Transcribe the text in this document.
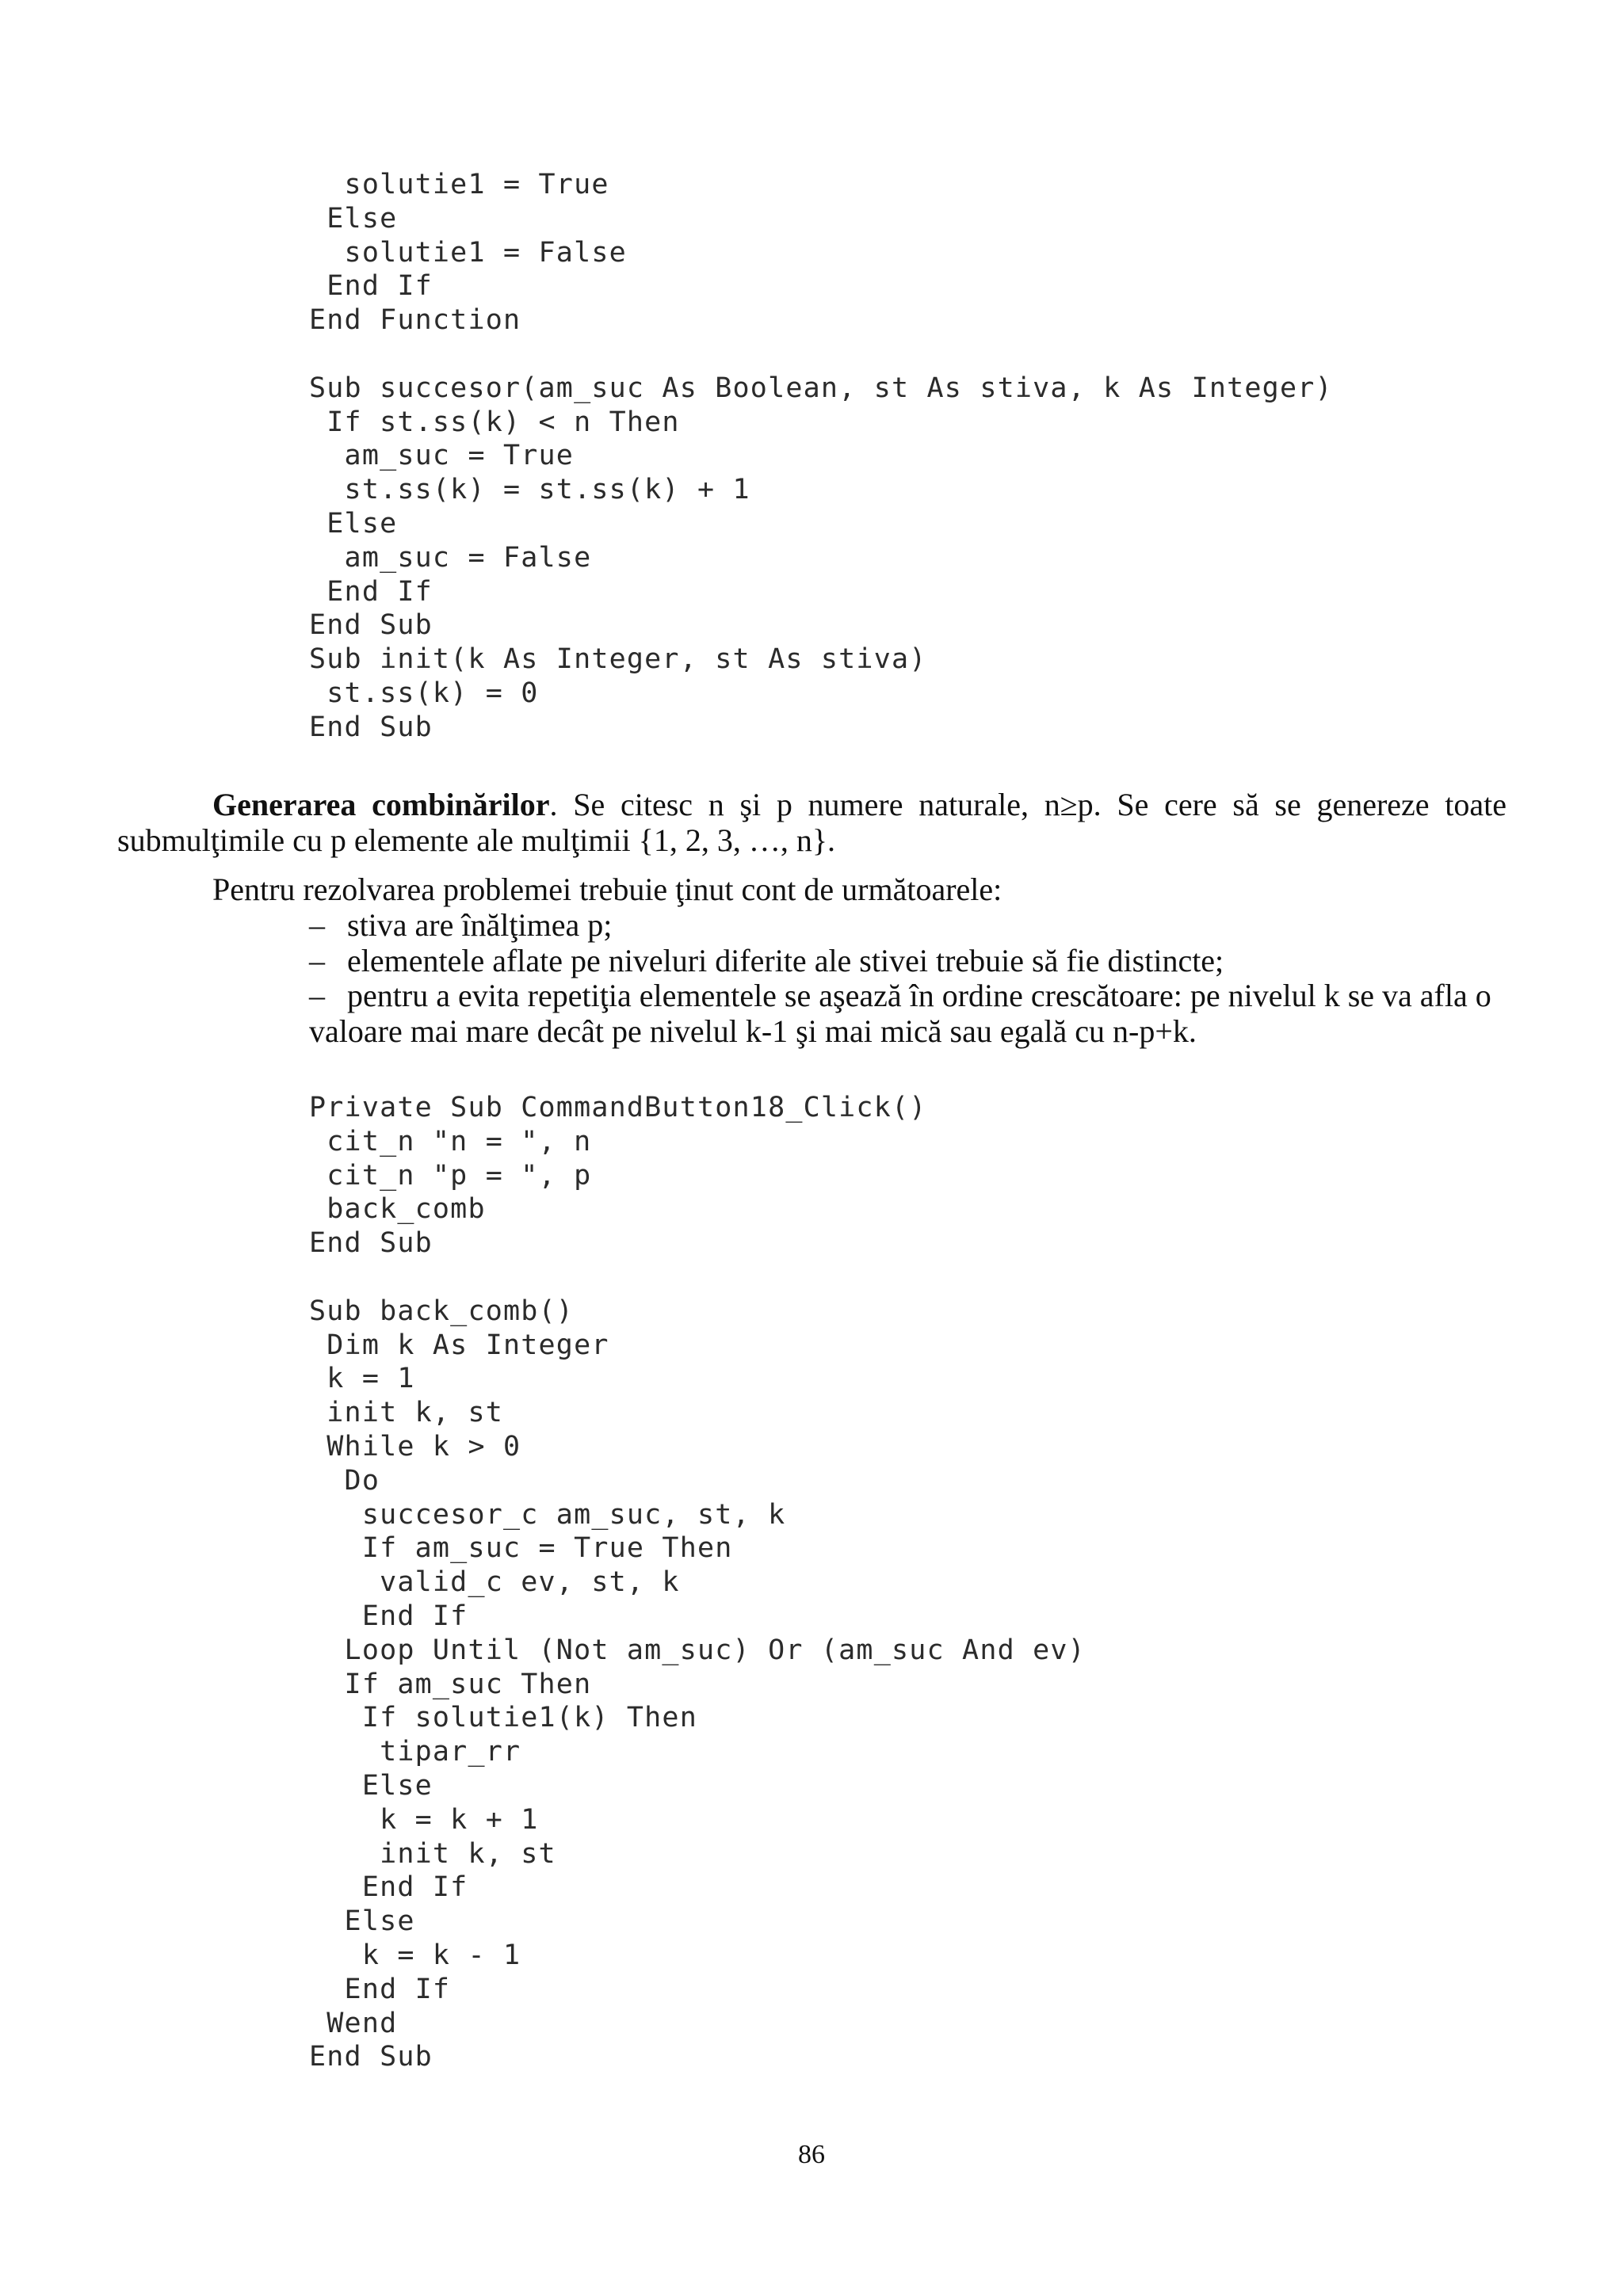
solutie1 = True
Else
solutie1 = False
End If
End Function
Sub succesor(am_suc As Boolean, st As stiva, k As Integer)
If st.ss(k) < n Then
am_suc = True
st.ss(k) = st.ss(k) + 1
Else
am_suc = False
End If
End Sub
Sub init(k As Integer, st As stiva)
st.ss(k) = 0
End Sub
Generarea combinărilor. Se citesc n şi p numere naturale, n≥p. Se cere să se genereze toate submulţimile cu p elemente ale mulţimii {1, 2, 3, …, n}.
Pentru rezolvarea problemei trebuie ţinut cont de următoarele:
– stiva are înălţimea p;
– elementele aflate pe niveluri diferite ale stivei trebuie să fie distincte;
– pentru a evita repetiţia elementele se aşează în ordine crescătoare: pe nivelul k se va afla o valoare mai mare decât pe nivelul k-1 şi mai mică sau egală cu n-p+k.
Private Sub CommandButton18_Click()
cit_n "n = ", n
cit_n "p = ", p
back_comb
End Sub
Sub back_comb()
Dim k As Integer
k = 1
init k, st
While k > 0
Do
succesor_c am_suc, st, k
If am_suc = True Then
valid_c ev, st, k
End If
Loop Until (Not am_suc) Or (am_suc And ev)
If am_suc Then
If solutie1(k) Then
tipar_rr
Else
k = k + 1
init k, st
End If
Else
k = k - 1
End If
Wend
End Sub
86
